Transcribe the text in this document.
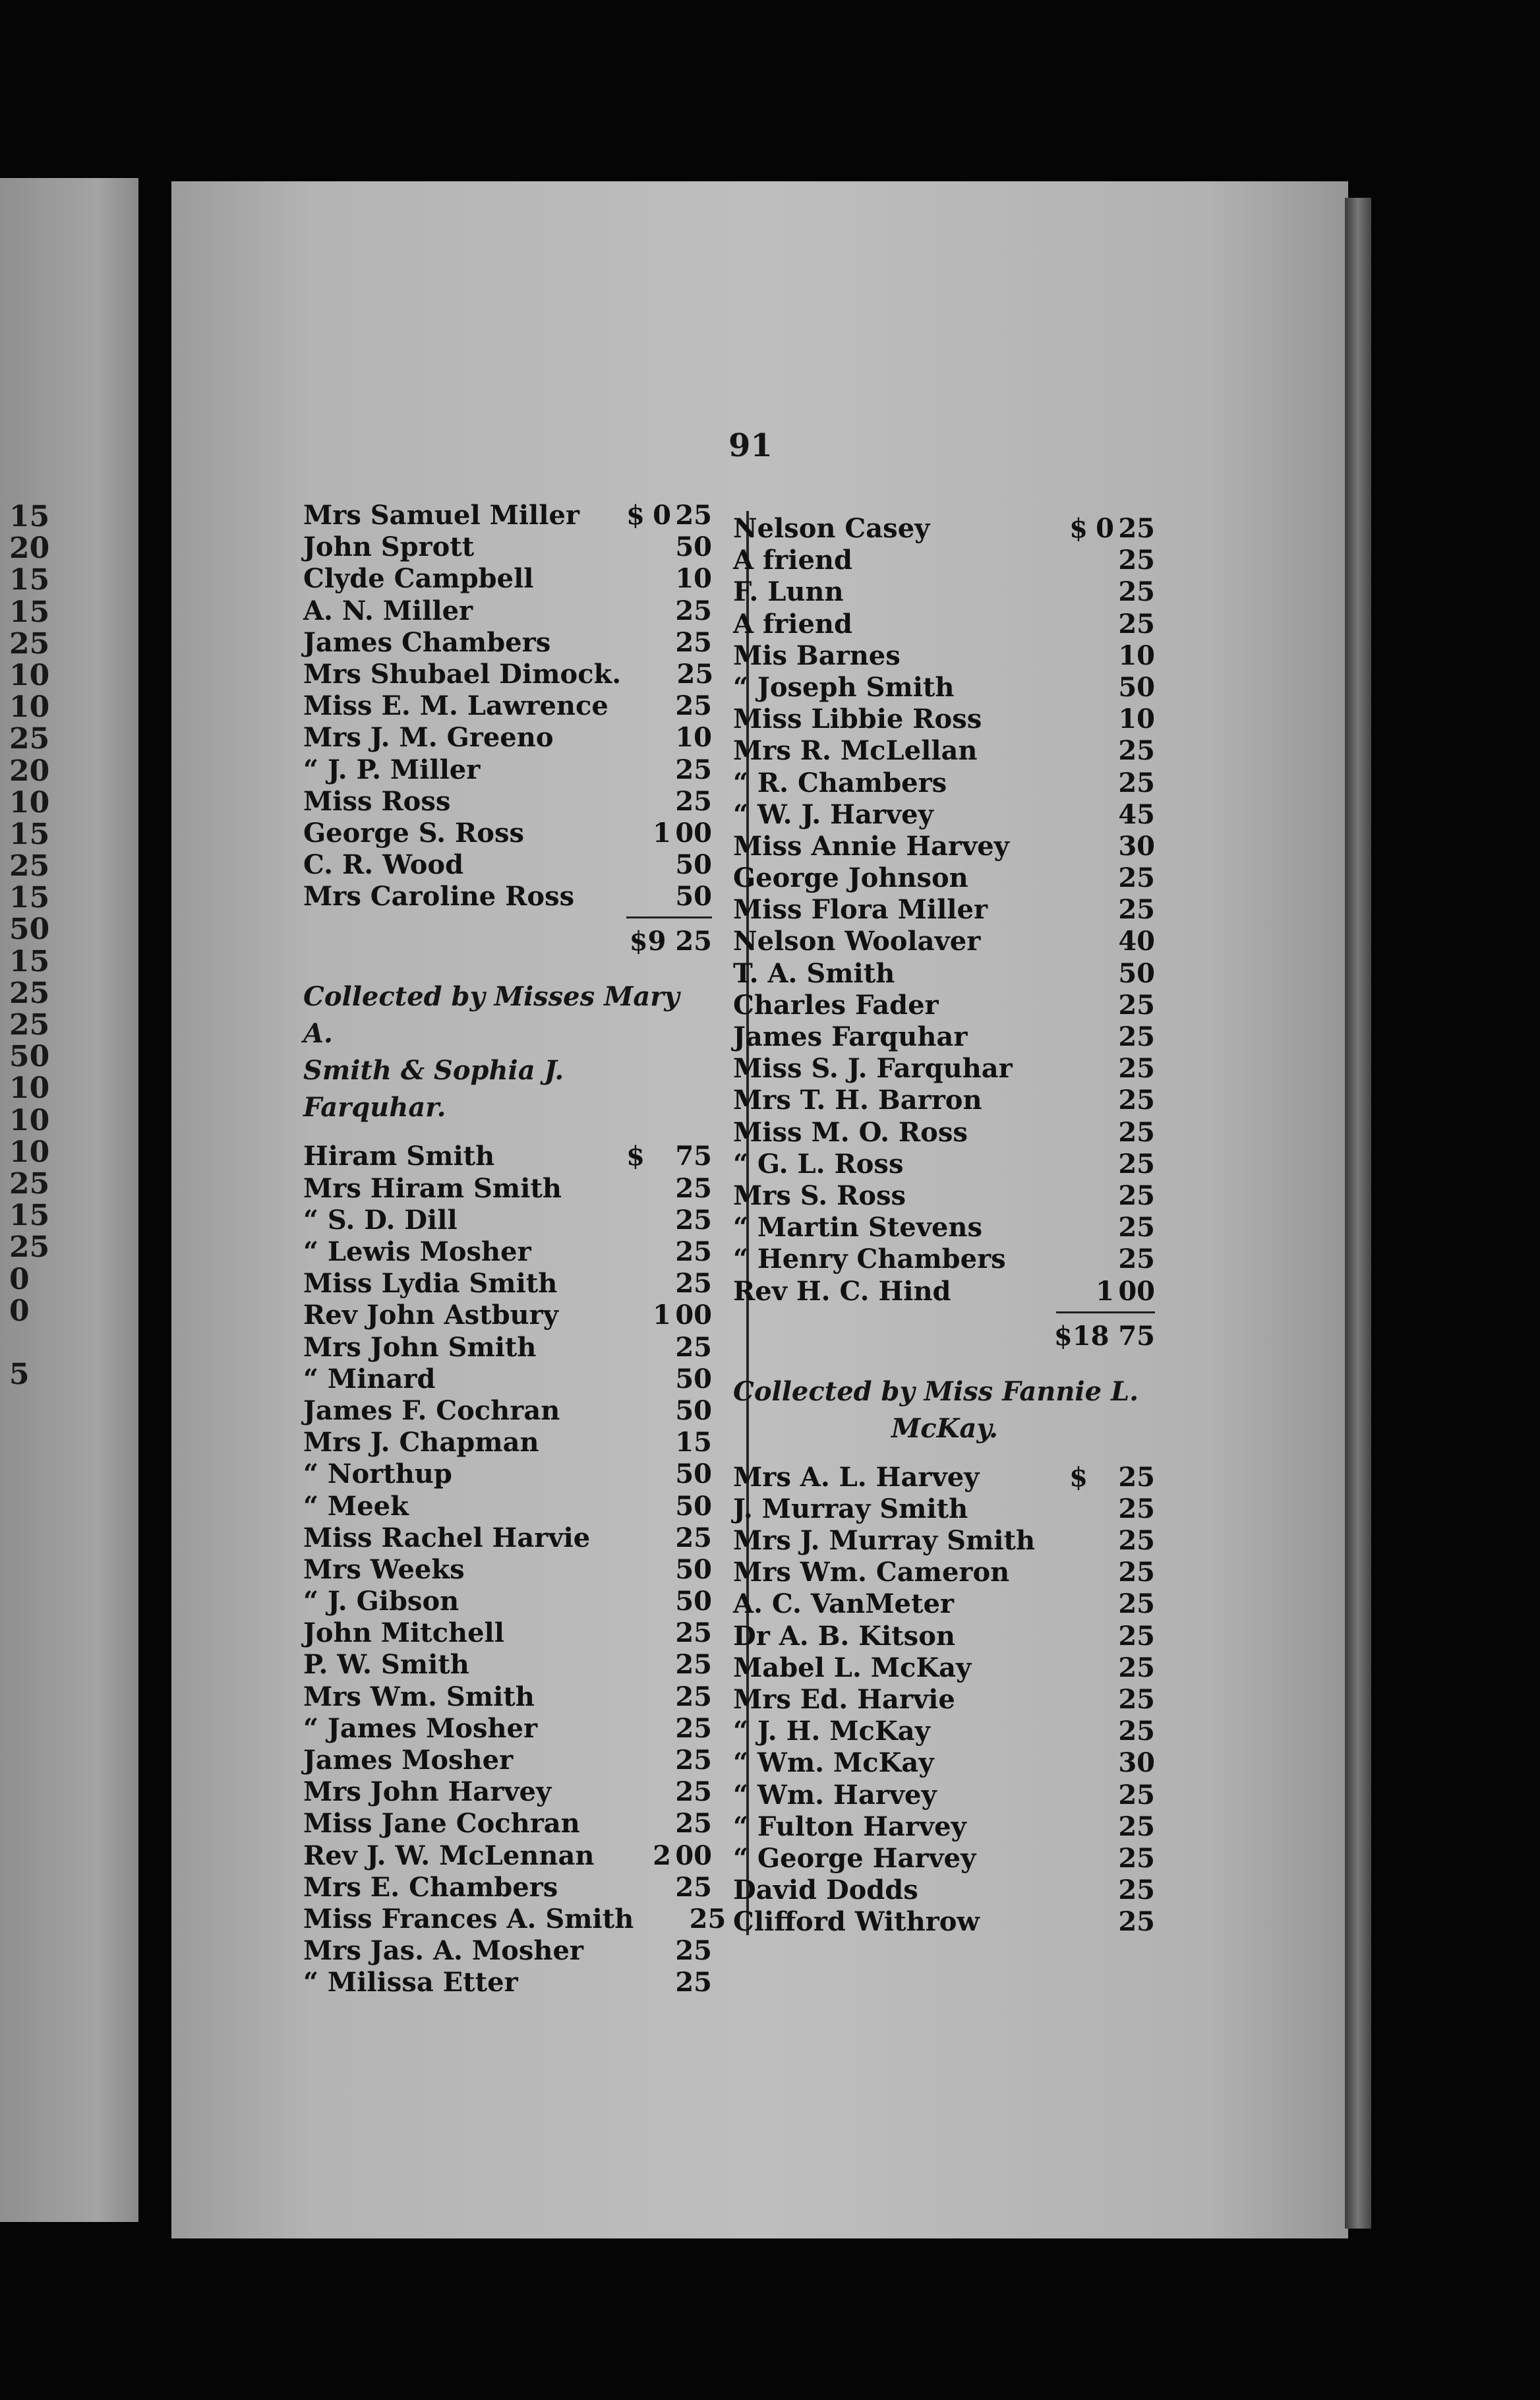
15
20
15
15
25
10
10
25
20
10
15
25
15
50
15
25
25
50
10
10
10
25
15
25
0
0
5
91
Mrs Samuel Miller $ 0 25
John Sprott	50
Clyde Campbell	10
A. N. Miller	25
James Chambers	25
Mrs Shubael Dimock. 25
Miss E. M. Lawrence	25
Mrs J. M. Greeno	10
“ J. P. Miller	25
Miss Ross	25
George S. Ross	1 00
C. R. Wood	50
Mrs Caroline Ross	50
$9 25
Collected by Misses Mary A.
Smith & Sophia J. Farquhar.
Hiram Smith	$ 75
Mrs Hiram Smith	25
“ S. D. Dill	25
“ Lewis Mosher	25
Miss Lydia Smith	25
Rev John Astbury	1 00
Mrs John Smith	25
“ Minard	50
James F. Cochran	50
Mrs J. Chapman	15
“ Northup	50
“ Meek	50
Miss Rachel Harvie	25
Mrs Weeks	50
“ J. Gibson	50
John Mitchell	25
P. W. Smith	25
Mrs Wm. Smith	25
“ James Mosher	25
James Mosher	25
Mrs John Harvey	25
Miss Jane Cochran	25
Rev J. W. McLennan	2 00
Mrs E. Chambers	25
Miss Frances A. Smith 25
Mrs Jas. A. Mosher	25
“ Milissa Etter	25
Nelson Casey	$ 0 25
A friend	25
F. Lunn	25
A friend	25
Mis Barnes	10
“ Joseph Smith	50
Miss Libbie Ross	10
Mrs R. McLellan	25
“ R. Chambers	25
“ W. J. Harvey	45
Miss Annie Harvey	30
George Johnson	25
Miss Flora Miller	25
Nelson Woolaver	40
T. A. Smith	50
Charles Fader	25
James Farquhar	25
Miss S. J. Farquhar	25
Mrs T. H. Barron	25
Miss M. O. Ross	25
“ G. L. Ross	25
Mrs S. Ross	25
“ Martin Stevens	25
“ Henry Chambers	25
Rev H. C. Hind	1 00
$18 75
Collected by Miss Fannie L.
McKay.
Mrs A. L. Harvey	$ 25
J. Murray Smith	25
Mrs J. Murray Smith	25
Mrs Wm. Cameron	25
A. C. VanMeter	25
Dr A. B. Kitson	25
Mabel L. McKay	25
Mrs Ed. Harvie	25
“ J. H. McKay	25
“ Wm. McKay	30
“ Wm. Harvey	25
“ Fulton Harvey	25
“ George Harvey	25
David Dodds	25
Clifford Withrow	25
